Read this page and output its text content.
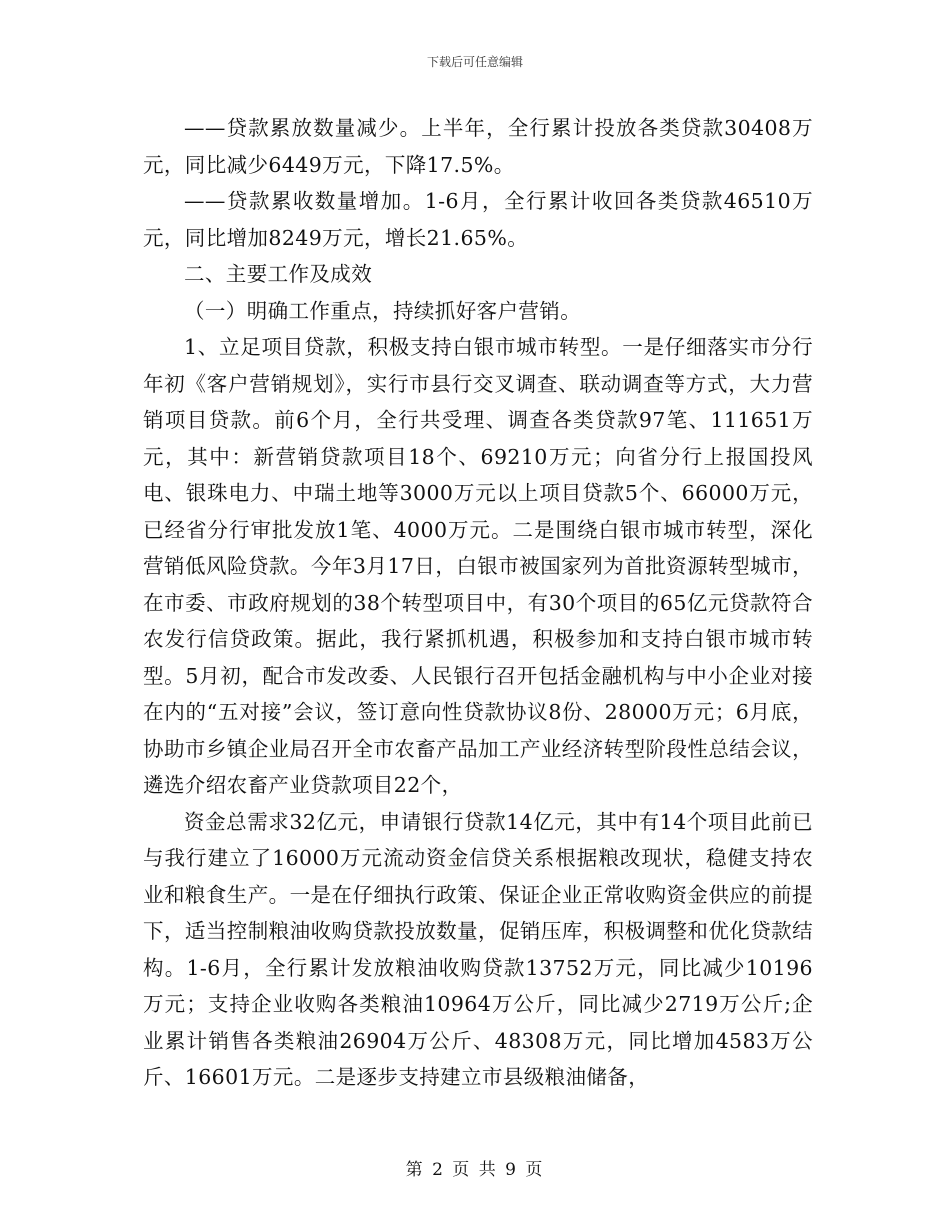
下载后可任意编辑

——贷款累放数量减少。上半年，全行累计投放各类贷款30408万元，同比减少6449万元，下降17.5%。

——贷款累收数量增加。1-6月，全行累计收回各类贷款46510万元，同比增加8249万元，增长21.65%。

二、主要工作及成效

（一）明确工作重点，持续抓好客户营销。

1、立足项目贷款，积极支持白银市城市转型。一是仔细落实市分行年初《客户营销规划》，实行市县行交叉调查、联动调查等方式，大力营销项目贷款。前6个月，全行共受理、调查各类贷款97笔、111651万元，其中：新营销贷款项目18个、69210万元；向省分行上报国投风电、银珠电力、中瑞土地等3000万元以上项目贷款5个、66000万元，已经省分行审批发放1笔、4000万元。二是围绕白银市城市转型，深化营销低风险贷款。今年3月17日，白银市被国家列为首批资源转型城市，在市委、市政府规划的38个转型项目中，有30个项目的65亿元贷款符合农发行信贷政策。据此，我行紧抓机遇，积极参加和支持白银市城市转型。5月初，配合市发改委、人民银行召开包括金融机构与中小企业对接在内的“五对接”会议，签订意向性贷款协议8份、28000万元；6月底，协助市乡镇企业局召开全市农畜产品加工产业经济转型阶段性总结会议，遴选介绍农畜产业贷款项目22个，

资金总需求32亿元，申请银行贷款14亿元，其中有14个项目此前已与我行建立了16000万元流动资金信贷关系根据粮改现状，稳健支持农业和粮食生产。一是在仔细执行政策、保证企业正常收购资金供应的前提下，适当控制粮油收购贷款投放数量，促销压库，积极调整和优化贷款结构。1-6月，全行累计发放粮油收购贷款13752万元，同比减少10196万元；支持企业收购各类粮油10964万公斤，同比减少2719万公斤;企业累计销售各类粮油26904万公斤、48308万元，同比增加4583万公斤、16601万元。二是逐步支持建立市县级粮油储备，

第 2 页 共 9 页
